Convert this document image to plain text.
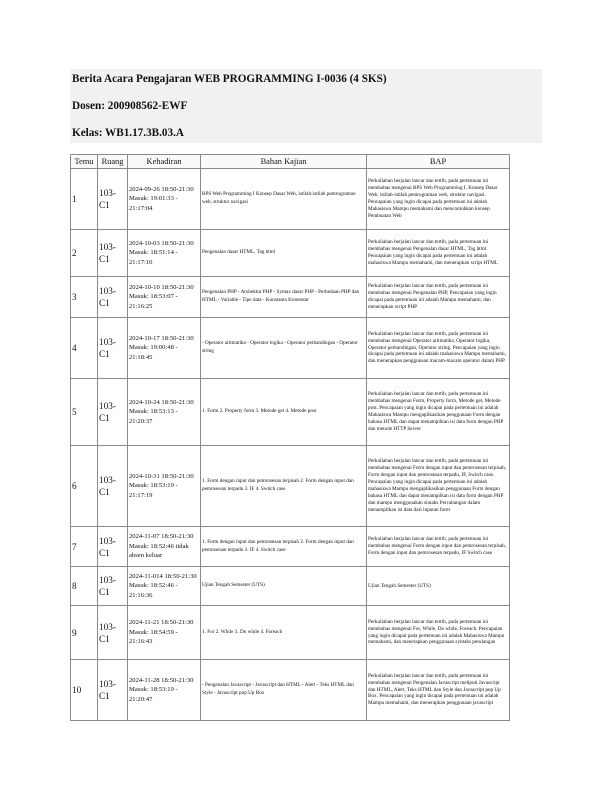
Berita Acara Pengajaran WEB PROGRAMMING I-0036 (4 SKS)
Dosen: 200908562-EWF
Kelas: WB1.17.3B.03.A
Temu	Ruang	Kehadiran	Bahan Kajian	BAP
1	103-C1	2024-09-26 18:50-21:30 Masuk: 19:01:33 - 21:17:04	RPS Web Programming I Konsep Dasar Web, istilah-istilah pemrograman web, struktur navigasi	Perkuliahan berjalan lancar dan tertib, pada pertemuan ini membahas mengenai RPS Web Programming I, Konsep Dasar Web, istilah-istilah pemrograman web, struktur navigasi. Pencapaian yang ingin dicapai pada pertemuan ini adalah Mahasiswa Mampu memahami dan mencontohkan konsep Pembuatan Web
2	103-C1	2024-10-03 18:50-21:30 Masuk: 18:51:14 - 21:17:10	Pengenalan dasar HTML, Tag html	Perkuliahan berjalan lancar dan tertib, pada pertemuan ini membahas mengenai Pengenalan dasar HTML, Tag html. Pencapaian yang ingin dicapai pada pertemuan ini adalah mahasiswa Mampu memahami, dan menerapkan script HTML
3	103-C1	2024-10-10 18:50-21:30 Masuk: 18:53:07 - 21:16:25	Pengenalan PHP - Arsitektur PHP - Syntax dasar PHP - Perbedaan PHP dan HTML - Variable - Tipe data - Konstanta Komentar	Perkuliahan berjalan lancar dan tertib, pada pertemuan ini membahas mengenai Pengenalan PHP, Pencapaian yang ingin dicapai pada pertemuan ini adalah Mampu memahami, dan menerapkan script PHP
4	103-C1	2024-10-17 18:50-21:30 Masuk: 19:00:48 - 21:18:45	- Operator aritmatika - Operator logika - Operator perbandingan - Operator string	Perkuliahan berjalan lancar dan tertib, pada pertemuan ini membahas mengenai Operator aritmatika, Operator logika, Operator perbandingan, Operator string. Pencapaian yang ingin dicapai pada pertemuan ini adalah mahasiswa Mampu memahami, dan menerapkan penggunaan macam-macam operator dalam PHP
5	103-C1	2024-10-24 18:50-21:30 Masuk: 18:53:13 - 21:20:37	1. Form 2. Property form 3. Metode get 4. Metode post	Perkuliahan berjalan lancar dan tertib, pada pertemuan ini membahas mengenai Form, Property form, Metode get, Metode post. Pencapaian yang ingin dicapai pada pertemuan ini adalah Mahasiswa Mampu mengaplikasikan penggunaan Form dengan bahasa HTML dan dapat menampilkan isi data form dengan PHP dan metode HTTP Server
6	103-C1	2024-10-31 18:50-21:30 Masuk: 18:53:19 - 21:17:19	1. Form dengan input dan pemrosesan terpisah 2. Form dengan input dan pemrosesan terpadu 3. IF 4. Switch case	Perkuliahan berjalan lancar dan tertib, pada pertemuan ini membahas mengenai Form dengan input dan pemrosesan terpisah, Form dengan input dan pemrosesan terpadu, IF, Switch case. Pencapaian yang ingin dicapai pada pertemuan ini adalah mahasiswa Mampu mengaplikasikan penggunaan Form dengan bahasa HTML dan dapat menampilkan isi data form dengan PHP dan mampu menggunakan sintaks Percabangan dalam menampilkan isi data dari inputan form
7	103-C1	2024-11-07 18:50-21:30 Masuk: 18:52:46 tidak absen keluar	1. Form dengan input dan pemrosesan terpisah 2. Form dengan input dan pemrosesan terpadu 3. IF 4. Switch case	Perkuliahan berjalan lancar dan tertib, pada pertemuan ini membahas mengenai Form dengan input dan pemrosesan terpisah, Form dengan input dan pemrosesan terpadu, IF Switch case
8	103-C1	2024-11-014 18:50-21:30 Masuk: 18:52:46 - 21:16:36	Ujian Tengah Semester (UTS)	Ujian Tengah Semester (UTS)
9	103-C1	2024-11-21 18:50-21:30 Masuk: 18:54:59 - 21:16:43	1. For 2. While 3. Do while 4. Foreach	Perkuliahan berjalan lancar dan tertib, pada pertemuan ini membahas mengenai For, While, Do while, Foreach. Pencapaian yang ingin dicapai pada pertemuan ini adalah Mahasiswa Mampu memahami, dan menerapkan penggunaan syntaks perulangan
10	103-C1	2024-11-28 18:50-21:30 Masuk: 18:53:19 - 21:20:47	- Pengenalan Javascript - Javascript dan HTML - Alert - Teks HTML dan Style - Javascript pop Up Box	Perkuliahan berjalan lancar dan tertib, pada pertemuan ini membahas mengenai Pengenalan Javascript meliputi Javascript dan HTML, Alert, Teks HTML dan Style dan Javascript pop Up Box. Pencapaian yang ingin dicapai pada pertemuan ini adalah Mampu memahami, dan menerapkan penggunaan javascript
